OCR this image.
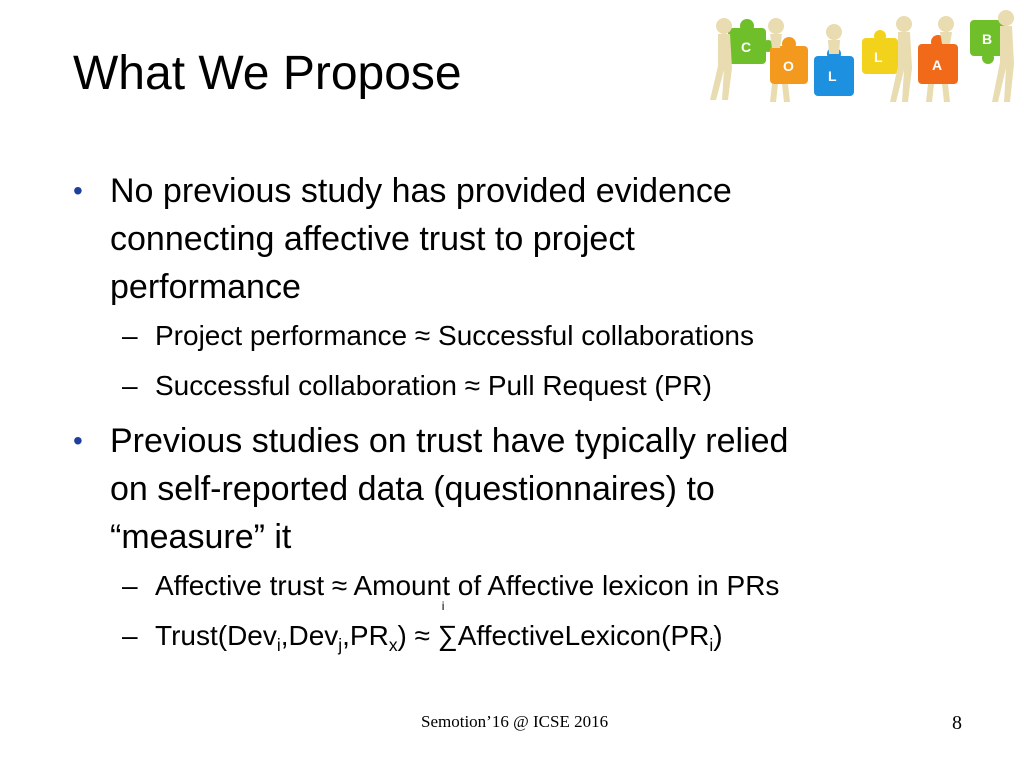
What We Propose	C
O
L
L	A
B
• No previous study has provided evidence
connecting affective trust to project
performance
– Project performance ≈ Successful collaborations
– Successful collaboration ≈ Pull Request (PR)
• Previous studies on trust have typically relied
on self-reported data (questionnaires) to
“measure” it
– Affective trust ≈ Amount of Affective lexicon in PRs
– $Trust(Dev_i,Dev_j,PR_x)$ ≈
i
$\sum AffectiveLexicon(PR_i)$
Semotion’16 @ ICSE 2016	8
